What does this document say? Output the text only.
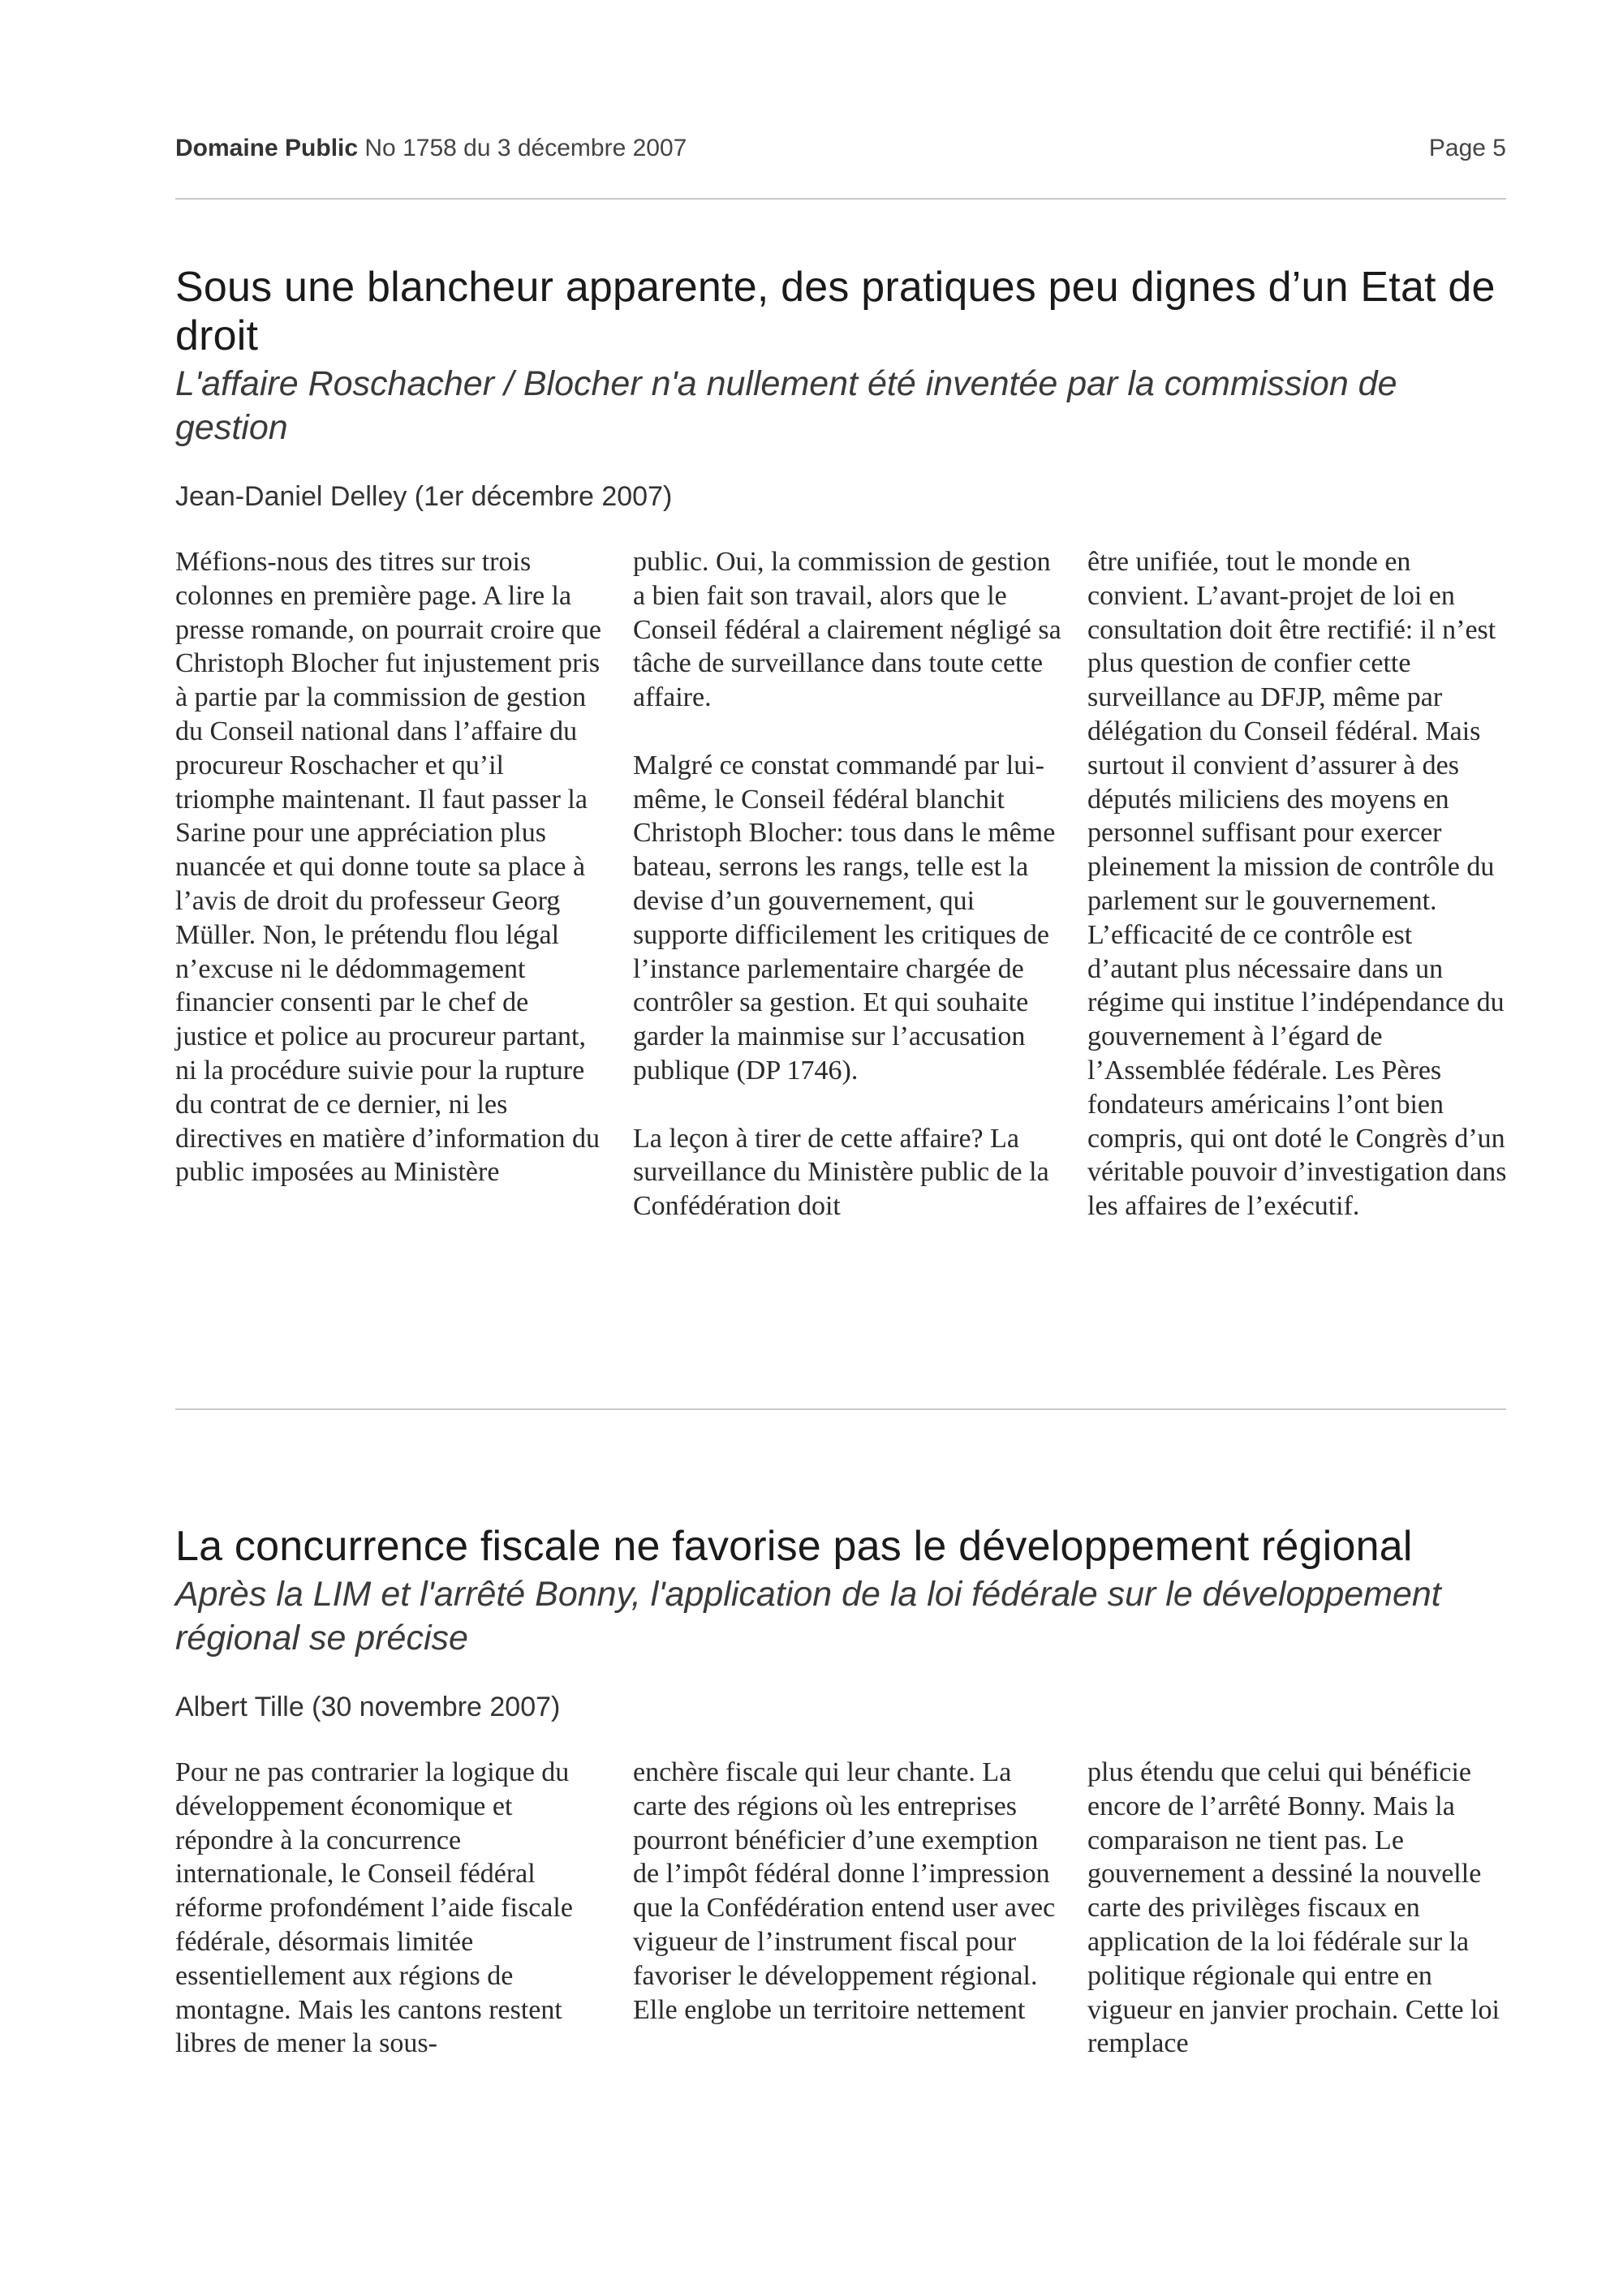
Domaine Public No 1758 du 3 décembre 2007	Page 5
Sous une blancheur apparente, des pratiques peu dignes d’un Etat de droit
L'affaire Roschacher / Blocher n'a nullement été inventée par la commission de gestion
Jean-Daniel Delley (1er décembre 2007)

Méfions-nous des titres sur trois colonnes en première page. A lire la presse romande, on pourrait croire que Christoph Blocher fut injustement pris à partie par la commission de gestion du Conseil national dans l’affaire du procureur Roschacher et qu’il triomphe maintenant. Il faut passer la Sarine pour une appréciation plus nuancée et qui donne toute sa place à l’avis de droit du professeur Georg Müller. Non, le prétendu flou légal n’excuse ni le dédommagement financier consenti par le chef de justice et police au procureur partant, ni la procédure suivie pour la rupture du contrat de ce dernier, ni les directives en matière d’information du public imposées au Ministère

public. Oui, la commission de gestion a bien fait son travail, alors que le Conseil fédéral a clairement négligé sa tâche de surveillance dans toute cette affaire.

Malgré ce constat commandé par lui-même, le Conseil fédéral blanchit Christoph Blocher: tous dans le même bateau, serrons les rangs, telle est la devise d’un gouvernement, qui supporte difficilement les critiques de l’instance parlementaire chargée de contrôler sa gestion. Et qui souhaite garder la mainmise sur l’accusation publique (DP 1746).

La leçon à tirer de cette affaire? La surveillance du Ministère public de la Confédération doit

être unifiée, tout le monde en convient. L’avant-projet de loi en consultation doit être rectifié: il n’est plus question de confier cette surveillance au DFJP, même par délégation du Conseil fédéral. Mais surtout il convient d’assurer à des députés miliciens des moyens en personnel suffisant pour exercer pleinement la mission de contrôle du parlement sur le gouvernement. L’efficacité de ce contrôle est d’autant plus nécessaire dans un régime qui institue l’indépendance du gouvernement à l’égard de l’Assemblée fédérale. Les Pères fondateurs américains l’ont bien compris, qui ont doté le Congrès d’un véritable pouvoir d’investigation dans les affaires de l’exécutif.

La concurrence fiscale ne favorise pas le développement régional
Après la LIM et l'arrêté Bonny, l'application de la loi fédérale sur le développement régional se précise
Albert Tille (30 novembre 2007)

Pour ne pas contrarier la logique du développement économique et répondre à la concurrence internationale, le Conseil fédéral réforme profondément l’aide fiscale fédérale, désormais limitée essentiellement aux régions de montagne. Mais les cantons restent libres de mener la sous-

enchère fiscale qui leur chante. La carte des régions où les entreprises pourront bénéficier d’une exemption de l’impôt fédéral donne l’impression que la Confédération entend user avec vigueur de l’instrument fiscal pour favoriser le développement régional. Elle englobe un territoire nettement

plus étendu que celui qui bénéficie encore de l’arrêté Bonny. Mais la comparaison ne tient pas. Le gouvernement a dessiné la nouvelle carte des privilèges fiscaux en application de la loi fédérale sur la politique régionale qui entre en vigueur en janvier prochain. Cette loi remplace
